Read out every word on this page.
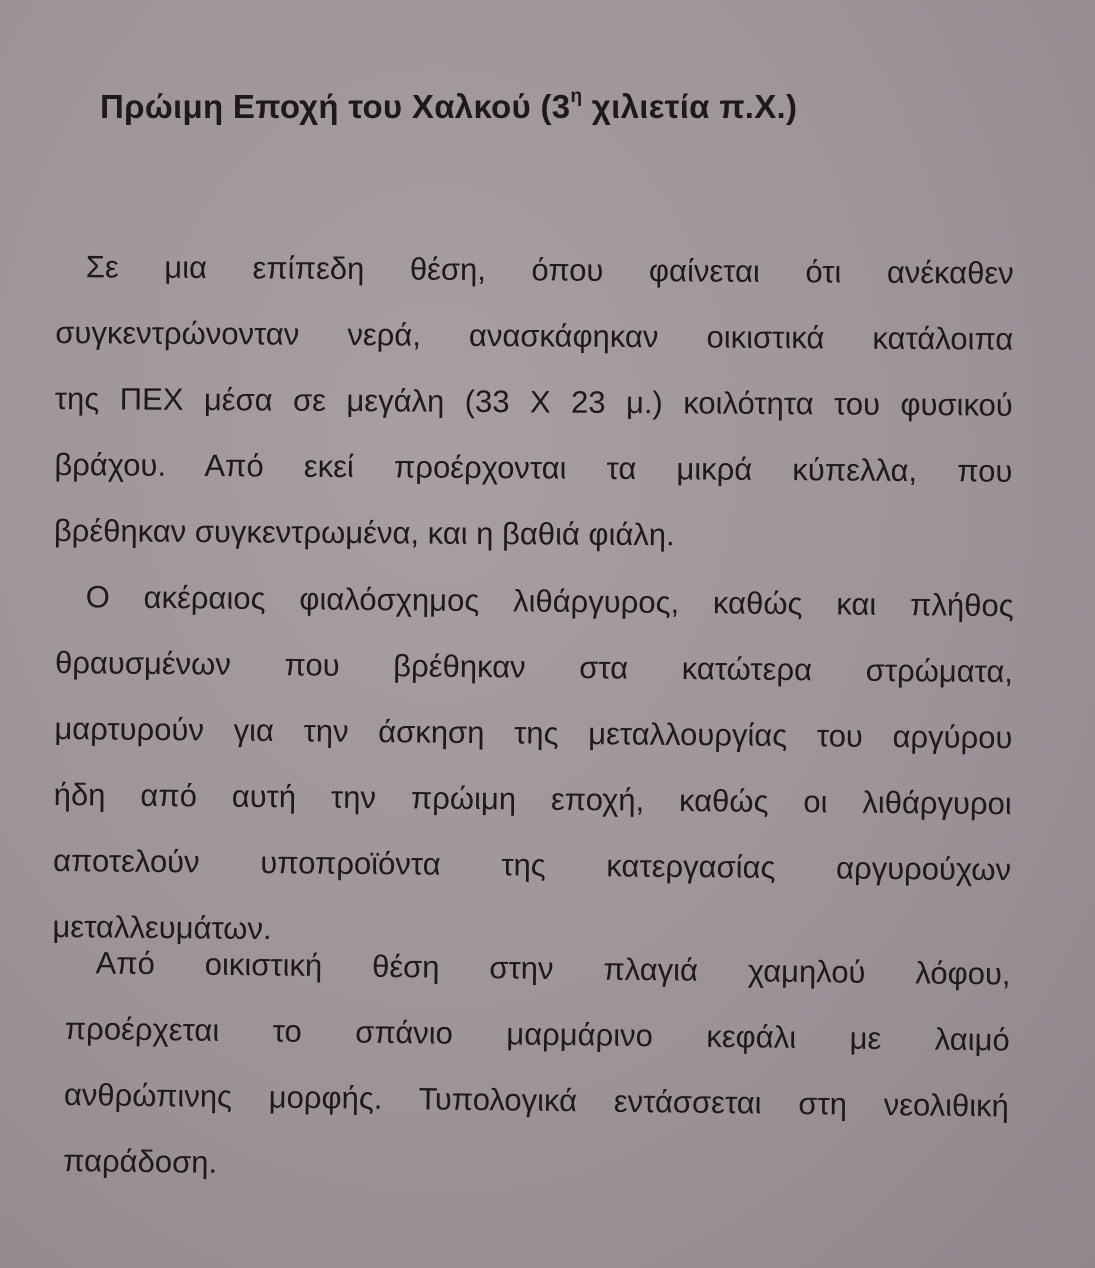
Πρώιμη Εποχή του Χαλκού ($3^\eta$ χιλιετία π.Χ.)
Σε μια επίπεδη θέση, όπου φαίνεται ότι ανέκαθεν
συγκεντρώνονταν νερά, ανασκάφηκαν οικιστικά κατάλοιπα
της ΠΕΧ μέσα σε μεγάλη (33 Χ 23 μ.) κοιλότητα του φυσικού
βράχου. Από εκεί προέρχονται τα μικρά κύπελλα, που
βρέθηκαν συγκεντρωμένα, και η βαθιά φιάλη.
Ο ακέραιος φιαλόσχημος λιθάργυρος, καθώς και πλήθος
θραυσμένων που βρέθηκαν στα κατώτερα στρώματα,
μαρτυρούν για την άσκηση της μεταλλουργίας του αργύρου
ήδη από αυτή την πρώιμη εποχή, καθώς οι λιθάργυροι
αποτελούν υποπροϊόντα της κατεργασίας αργυρούχων
μεταλλευμάτων.
Από οικιστική θέση στην πλαγιά χαμηλού λόφου,
προέρχεται το σπάνιο μαρμάρινο κεφάλι με λαιμό
ανθρώπινης μορφής. Τυπολογικά εντάσσεται στη νεολιθική
παράδοση.
